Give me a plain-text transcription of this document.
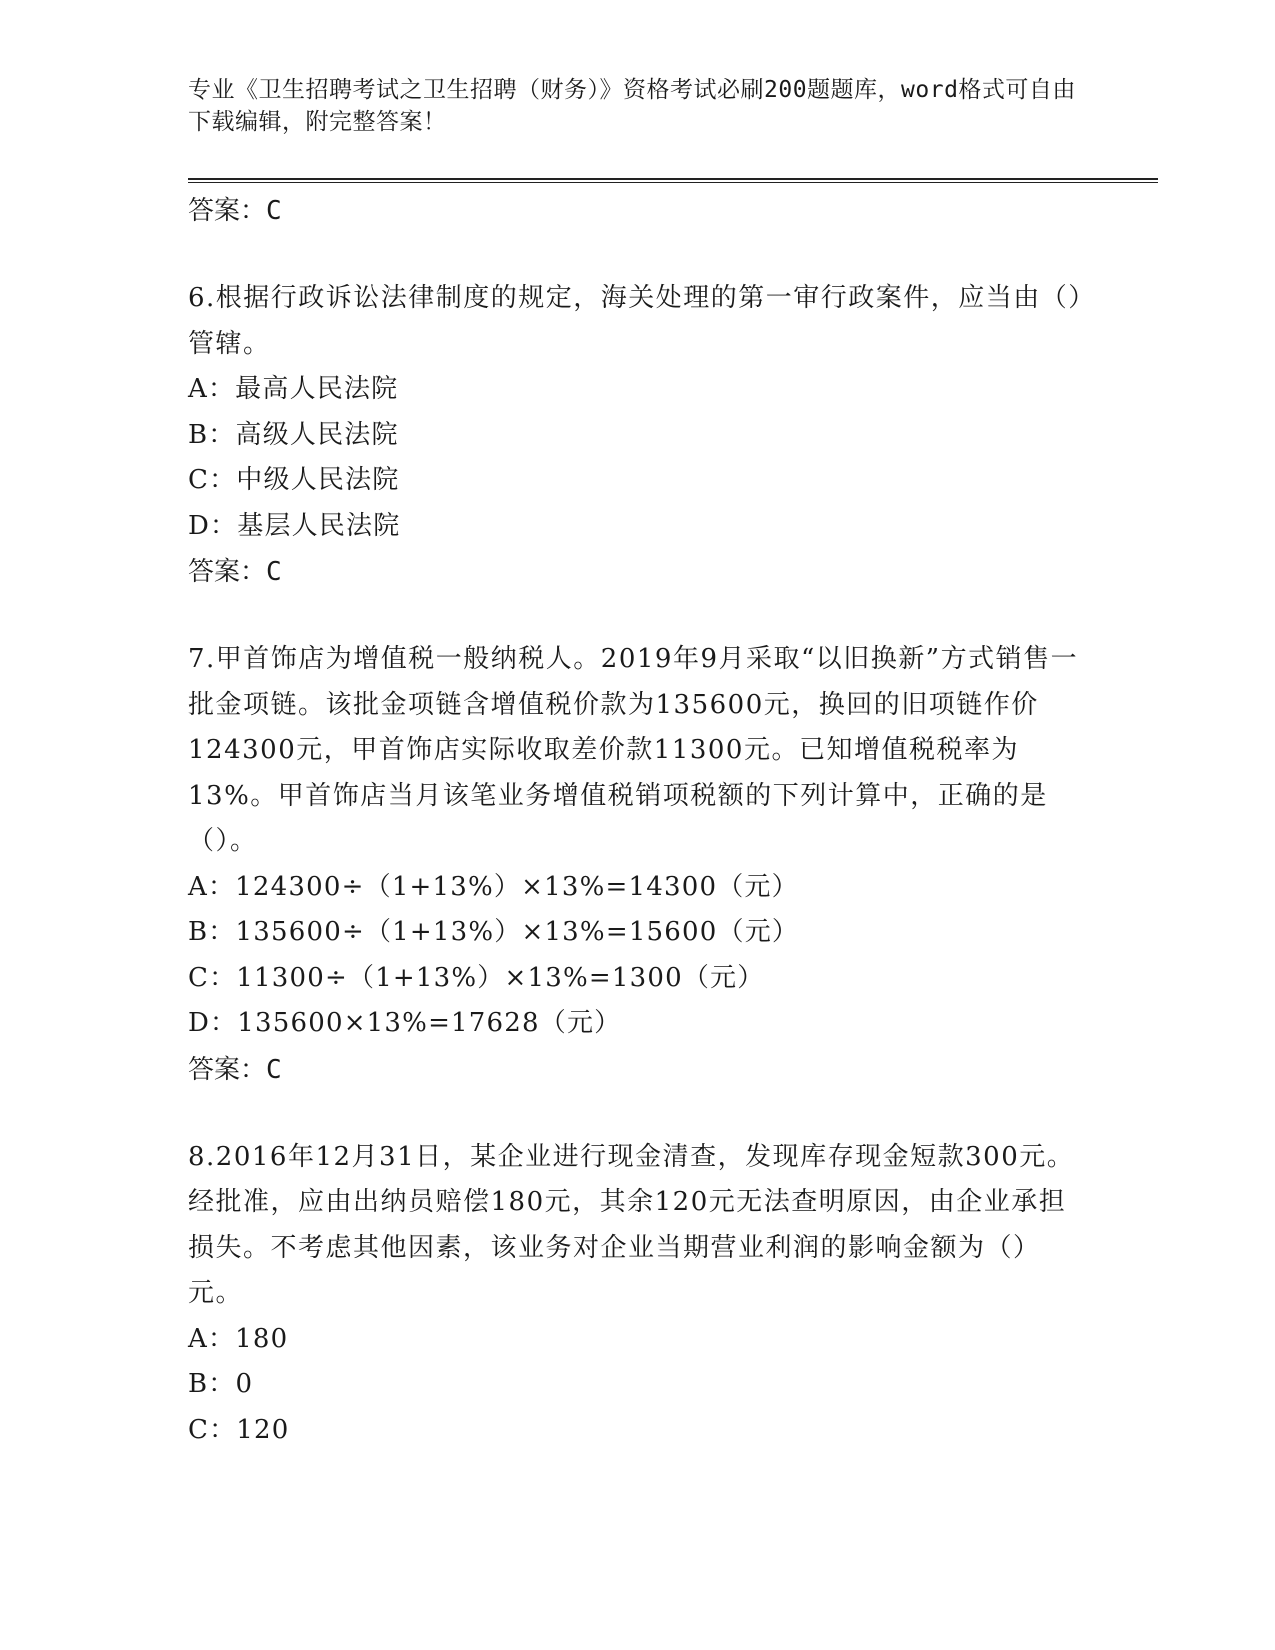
专业《卫生招聘考试之卫生招聘（财务）》资格考试必刷200题题库，word格式可自由下载编辑，附完整答案！
答案：C
6.根据行政诉讼法律制度的规定，海关处理的第一审行政案件，应当由（）管辖。
A：最高人民法院
B：高级人民法院
C：中级人民法院
D：基层人民法院
答案：C
7.甲首饰店为增值税一般纳税人。2019年9月采取“以旧换新”方式销售一批金项链。该批金项链含增值税价款为135600元，换回的旧项链作价124300元，甲首饰店实际收取差价款11300元。已知增值税税率为13%。甲首饰店当月该笔业务增值税销项税额的下列计算中，正确的是（）。
A：124300÷（1+13%）×13%=14300（元）
B：135600÷（1+13%）×13%=15600（元）
C：11300÷（1+13%）×13%=1300（元）
D：135600×13%=17628（元）
答案：C
8.2016年12月31日，某企业进行现金清查，发现库存现金短款300元。经批准，应由出纳员赔偿180元，其余120元无法查明原因，由企业承担损失。不考虑其他因素，该业务对企业当期营业利润的影响金额为（）元。
A：180
B：0
C：120
